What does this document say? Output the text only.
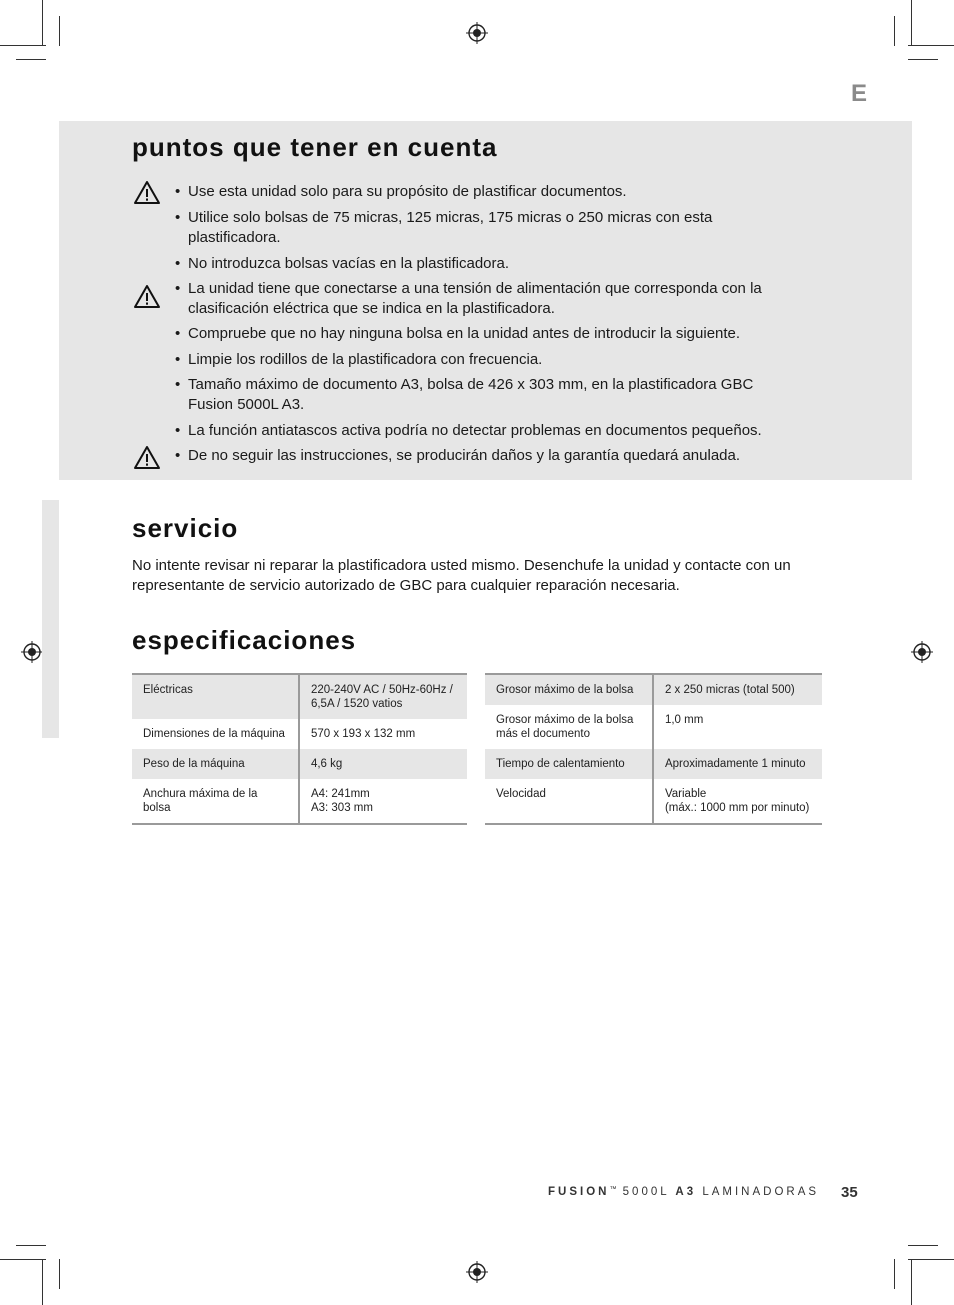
E
puntos que tener en cuenta
• Use esta unidad solo para su propósito de plastificar documentos.
• Utilice solo bolsas de 75 micras, 125 micras, 175 micras o 250 micras con esta plastificadora.
• No introduzca bolsas vacías en la plastificadora.
• La unidad tiene que conectarse a una tensión de alimentación que corresponda con la clasificación eléctrica que se indica en la plastificadora.
• Compruebe que no hay ninguna bolsa en la unidad antes de introducir la siguiente.
• Limpie los rodillos de la plastificadora con frecuencia.
• Tamaño máximo de documento A3, bolsa de 426 x 303 mm, en la plastificadora GBC Fusion 5000L A3.
• La función antiatascos activa podría no detectar problemas en documentos pequeños.
• De no seguir las instrucciones, se producirán daños y la garantía quedará anulada.
servicio
No intente revisar ni reparar la plastificadora usted mismo. Desenchufe la unidad y contacte con un representante de servicio autorizado de GBC para cualquier reparación necesaria.
especificaciones
Eléctricas	220-240V AC / 50Hz-60Hz / 6,5A / 1520 vatios
Dimensiones de la máquina	570 x 193 x 132 mm
Peso de la máquina	4,6 kg
Anchura máxima de la bolsa	A4: 241mm
A3: 303 mm
Grosor máximo de la bolsa	2 x 250 micras (total 500)
Grosor máximo de la bolsa más el documento	1,0 mm
Tiempo de calentamiento	Aproximadamente 1 minuto
Velocidad	Variable
(máx.: 1000 mm por minuto)
FUSION™ 5000L A3 LAMINADORAS 35
